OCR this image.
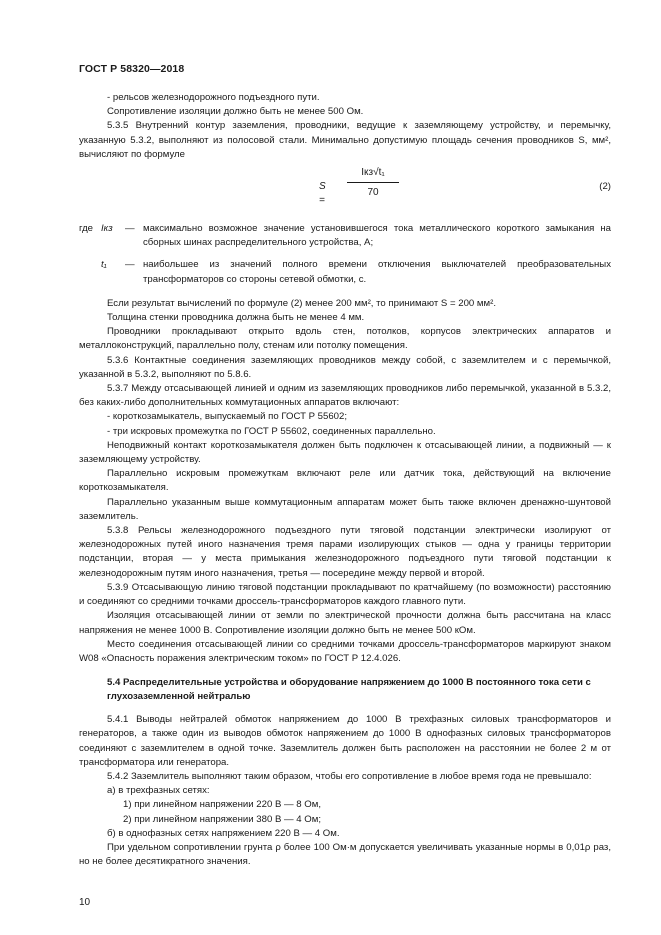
ГОСТ Р 58320—2018

- рельсов железнодорожного подъездного пути.

Сопротивление изоляции должно быть не менее 500 Ом.

5.3.5 Внутренний контур заземления, проводники, ведущие к заземляющему устройству, и перемычку, указанную 5.3.2, выполняют из полосовой стали. Минимально допустимую площадь сечения проводников S, мм², вычисляют по формуле

S =
Iкз√t₁
70
(2)
где Iкз	— максимально возможное значение установившегося тока металлического короткого замыкания на сборных шинах распределительного устройства, А;
t₁	— наибольшее из значений полного времени отключения выключателей преобразовательных трансформаторов со стороны сетевой обмотки, с.

Если результат вычислений по формуле (2) менее 200 мм², то принимают S = 200 мм².

Толщина стенки проводника должна быть не менее 4 мм.

Проводники прокладывают открыто вдоль стен, потолков, корпусов электрических аппаратов и металлоконструкций, параллельно полу, стенам или потолку помещения.

5.3.6 Контактные соединения заземляющих проводников между собой, с заземлителем и с перемычкой, указанной в 5.3.2, выполняют по 5.8.6.

5.3.7 Между отсасывающей линией и одним из заземляющих проводников либо перемычкой, указанной в 5.3.2, без каких-либо дополнительных коммутационных аппаратов включают:

- короткозамыкатель, выпускаемый по ГОСТ Р 55602;

- три искровых промежутка по ГОСТ Р 55602, соединенных параллельно.

Неподвижный контакт короткозамыкателя должен быть подключен к отсасывающей линии, а подвижный — к заземляющему устройству.

Параллельно искровым промежуткам включают реле или датчик тока, действующий на включение короткозамыкателя.

Параллельно указанным выше коммутационным аппаратам может быть также включен дренажно-шунтовой заземлитель.

5.3.8 Рельсы железнодорожного подъездного пути тяговой подстанции электрически изолируют от железнодорожных путей иного назначения тремя парами изолирующих стыков — одна у границы территории подстанции, вторая — у места примыкания железнодорожного подъездного пути тяговой подстанции к железнодорожным путям иного назначения, третья — посередине между первой и второй.

5.3.9 Отсасывающую линию тяговой подстанции прокладывают по кратчайшему (по возможности) расстоянию и соединяют со средними точками дроссель-трансформаторов каждого главного пути.

Изоляция отсасывающей линии от земли по электрической прочности должна быть рассчитана на класс напряжения не менее 1000 В. Сопротивление изоляции должно быть не менее 500 кОм.

Место соединения отсасывающей линии со средними точками дроссель-трансформаторов маркируют знаком W08 «Опасность поражения электрическим током» по ГОСТ Р 12.4.026.

5.4 Распределительные устройства и оборудование напряжением до 1000 В постоянного тока сети с глухозаземленной нейтралью

5.4.1 Выводы нейтралей обмоток напряжением до 1000 В трехфазных силовых трансформаторов и генераторов, а также один из выводов обмоток напряжением до 1000 В однофазных силовых трансформаторов соединяют с заземлителем в одной точке. Заземлитель должен быть расположен на расстоянии не более 2 м от трансформатора или генератора.

5.4.2 Заземлитель выполняют таким образом, чтобы его сопротивление в любое время года не превышало:

а) в трехфазных сетях:

1) при линейном напряжении 220 В — 8 Ом,

2) при линейном напряжении 380 В — 4 Ом;

б) в однофазных сетях напряжением 220 В — 4 Ом.

При удельном сопротивлении грунта ρ более 100 Ом·м допускается увеличивать указанные нормы в 0,01ρ раз, но не более десятикратного значения.

10
